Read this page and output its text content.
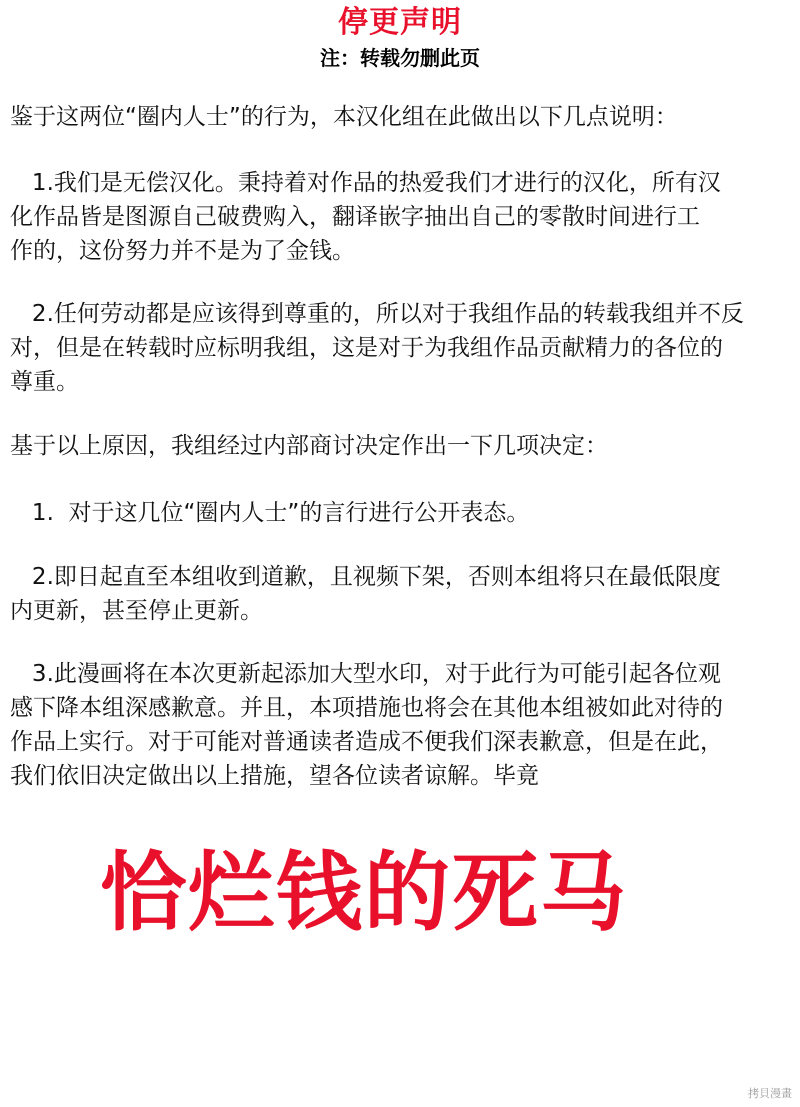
停更声明
注：转载勿删此页
鉴于这两位“圈内人士”的行为，本汉化组在此做出以下几点说明：
1.我们是无偿汉化。秉持着对作品的热爱我们才进行的汉化，所有汉
化作品皆是图源自己破费购入，翻译嵌字抽出自己的零散时间进行工
作的，这份努力并不是为了金钱。
2.任何劳动都是应该得到尊重的，所以对于我组作品的转载我组并不反
对，但是在转载时应标明我组，这是对于为我组作品贡献精力的各位的
尊重。
基于以上原因，我组经过内部商讨决定作出一下几项决定：
1.  对于这几位“圈内人士”的言行进行公开表态。
2.即日起直至本组收到道歉，且视频下架，否则本组将只在最低限度
内更新，甚至停止更新。
3.此漫画将在本次更新起添加大型水印，对于此行为可能引起各位观
感下降本组深感歉意。并且，本项措施也将会在其他本组被如此对待的
作品上实行。对于可能对普通读者造成不便我们深表歉意，但是在此，
我们依旧决定做出以上措施，望各位读者谅解。毕竟
恰烂钱的死马
拷貝漫畫
